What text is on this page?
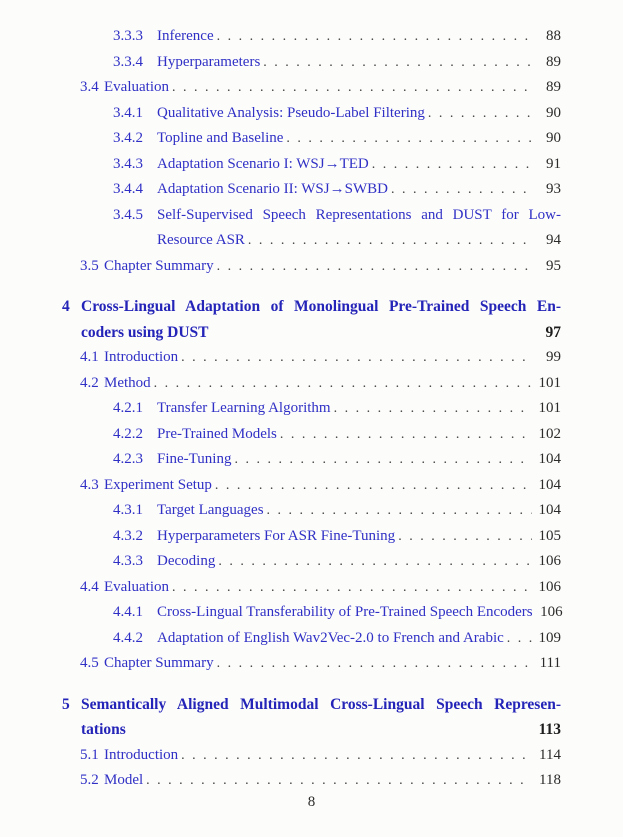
3.3.3 Inference . . .	88
3.3.4 Hyperparameters . . .	89
3.4 Evaluation . . .	89
3.4.1 Qualitative Analysis: Pseudo-Label Filtering . . .	90
3.4.2 Topline and Baseline . . .	90
3.4.3 Adaptation Scenario I: WSJ→TED . . .	91
3.4.4 Adaptation Scenario II: WSJ→SWBD . . .	93
3.4.5 Self-Supervised Speech Representations and DUST for Low-
Resource ASR . . .	94
3.5 Chapter Summary . . .	95
4 Cross-Lingual Adaptation of Monolingual Pre-Trained Speech En-
coders using DUST	97
4.1 Introduction . . .	99
4.2 Method . . .	101
4.2.1 Transfer Learning Algorithm . . .	101
4.2.2 Pre-Trained Models . . .	102
4.2.3 Fine-Tuning . . .	104
4.3 Experiment Setup . . .	104
4.3.1 Target Languages . . .	104
4.3.2 Hyperparameters For ASR Fine-Tuning . . .	105
4.3.3 Decoding . . .	106
4.4 Evaluation . . .	106
4.4.1 Cross-Lingual Transferability of Pre-Trained Speech Encoders 106
4.4.2 Adaptation of English Wav2Vec-2.0 to French and Arabic . . . 109
4.5 Chapter Summary . . .	111
5 Semantically Aligned Multimodal Cross-Lingual Speech Represen-
tations	113
5.1 Introduction . . .	114
5.2 Model . . .	118
8
